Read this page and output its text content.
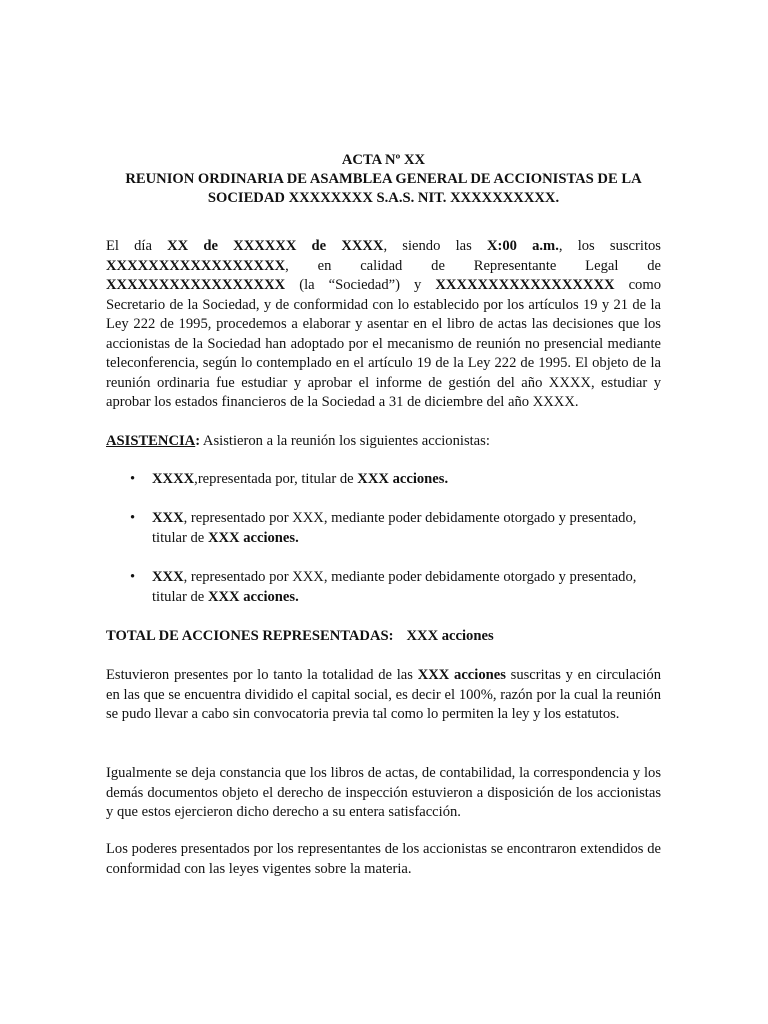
ACTA Nº XX
REUNION ORDINARIA DE ASAMBLEA GENERAL DE ACCIONISTAS DE LA
SOCIEDAD XXXXXXXX S.A.S. NIT. XXXXXXXXXX.

El día XX de XXXXXX de XXXX, siendo las X:00 a.m., los suscritos XXXXXXXXXXXXXXXXX, en calidad de Representante Legal de XXXXXXXXXXXXXXXXX (la “Sociedad”) y XXXXXXXXXXXXXXXXX como Secretario de la Sociedad, y de conformidad con lo establecido por los artículos 19 y 21 de la Ley 222 de 1995, procedemos a elaborar y asentar en el libro de actas las decisiones que los accionistas de la Sociedad han adoptado por el mecanismo de reunión no presencial mediante teleconferencia, según lo contemplado en el artículo 19 de la Ley 222 de 1995. El objeto de la reunión ordinaria fue estudiar y aprobar el informe de gestión del año XXXX, estudiar y aprobar los estados financieros de la Sociedad a 31 de diciembre del año XXXX.

ASISTENCIA: Asistieron a la reunión los siguientes accionistas:

• XXXX,representada por, titular de XXX acciones.
• XXX, representado por XXX, mediante poder debidamente otorgado y presentado, titular de XXX acciones.
• XXX, representado por XXX, mediante poder debidamente otorgado y presentado, titular de XXX acciones.

TOTAL DE ACCIONES REPRESENTADAS: XXX acciones

Estuvieron presentes por lo tanto la totalidad de las XXX acciones suscritas y en circulación en las que se encuentra dividido el capital social, es decir el 100%, razón por la cual la reunión se pudo llevar a cabo sin convocatoria previa tal como lo permiten la ley y los estatutos.

Igualmente se deja constancia que los libros de actas, de contabilidad, la correspondencia y los demás documentos objeto el derecho de inspección estuvieron a disposición de los accionistas y que estos ejercieron dicho derecho a su entera satisfacción.

Los poderes presentados por los representantes de los accionistas se encontraron extendidos de conformidad con las leyes vigentes sobre la materia.
